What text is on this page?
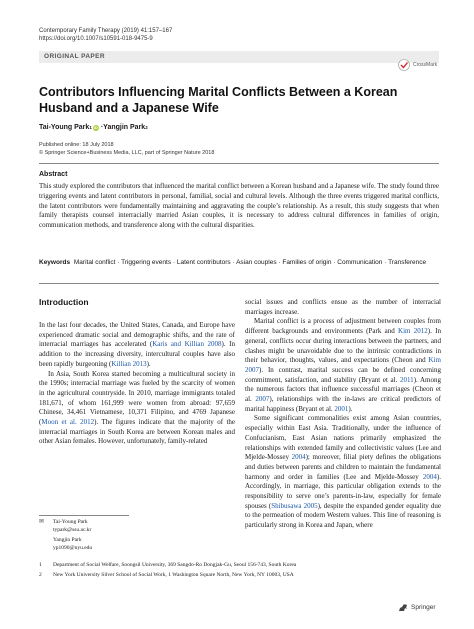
Contemporary Family Therapy (2019) 41:157–167
https://doi.org/10.1007/s10591-018-9475-9
ORIGINAL PAPER
CrossMark
Contributors Influencing Marital Conflicts Between a Korean Husband and a Japanese Wife
Tai-Young Park 1 iD · Yangjin Park 2
Published online: 18 July 2018
© Springer Science+Business Media, LLC, part of Springer Nature 2018
Abstract
This study explored the contributors that influenced the marital conflict between a Korean husband and a Japanese wife. The study found three triggering events and latent contributors in personal, familial, social and cultural levels. Although the three events triggered marital conflicts, the latent contributors were fundamentally maintaining and aggravating the couple’s relationship. As a result, this study suggests that when family therapists counsel interracially married Asian couples, it is necessary to address cultural differences in families of origin, communication methods, and transference along with the cultural disparities.
Keywords Marital conflict · Triggering events · Latent contributors · Asian couples · Families of origin · Communication · Transference
Introduction

In the last four decades, the United States, Canada, and Europe have experienced dramatic social and demographic shifts, and the rate of interracial marriages has accelerated (Karis and Killian 2008). In addition to the increasing diversity, intercultural couples have also been rapidly burgeoning (Killian 2013).

In Asia, South Korea started becoming a multicultural society in the 1990s; interracial marriage was fueled by the scarcity of women in the agricultural countryside. In 2010, marriage immigrants totaled 181,671, of whom 161,999 were women from abroad: 97,659 Chinese, 34,461 Vietnamese, 10,371 Filipino, and 4769 Japanese (Moon et al. 2012). The figures indicate that the majority of the interracial marriages in South Korea are between Korean males and other Asian females. However, unfortunately, family-related

social issues and conflicts ensue as the number of interracial marriages increase.

Marital conflict is a process of adjustment between couples from different backgrounds and environments (Park and Kim 2012). In general, conflicts occur during interactions between the partners, and clashes might be unavoidable due to the intrinsic contradictions in their behavior, thoughts, values, and expectations (Cheon and Kim 2007). In contrast, marital success can be defined concerning commitment, satisfaction, and stability (Bryant et al. 2011). Among the numerous factors that influence successful marriages (Cheon et al. 2007), relationships with the in-laws are critical predictors of marital happiness (Bryant et al. 2001).

Some significant commonalities exist among Asian countries, especially within East Asia. Traditionally, under the influence of Confucianism, East Asian nations primarily emphasized the relationships with extended family and collectivistic values (Lee and Mjelde-Mossey 2004); moreover, filial piety defines the obligations and duties between parents and children to maintain the fundamental harmony and order in families (Lee and Mjelde-Mossey 2004). Accordingly, in marriage, this particular obligation extends to the responsibility to serve one’s parents-in-law, especially for female spouses (Shibusawa 2005), despite the expanded gender equality due to the permeation of modern Western values. This line of reasoning is particularly strong in Korea and Japan, where

✉	Tai-Young Park
typark@ssu.ac.kr
Yangjin Park
yp1090@nyu.edu
1	Department of Social Welfare, Soongsil University, 369 Sangdo-Ro Dongjak-Gu, Seoul 156-743, South Korea
2	New York University Silver School of Social Work, 1 Washington Square North, New York, NY 10003, USA
Springer
